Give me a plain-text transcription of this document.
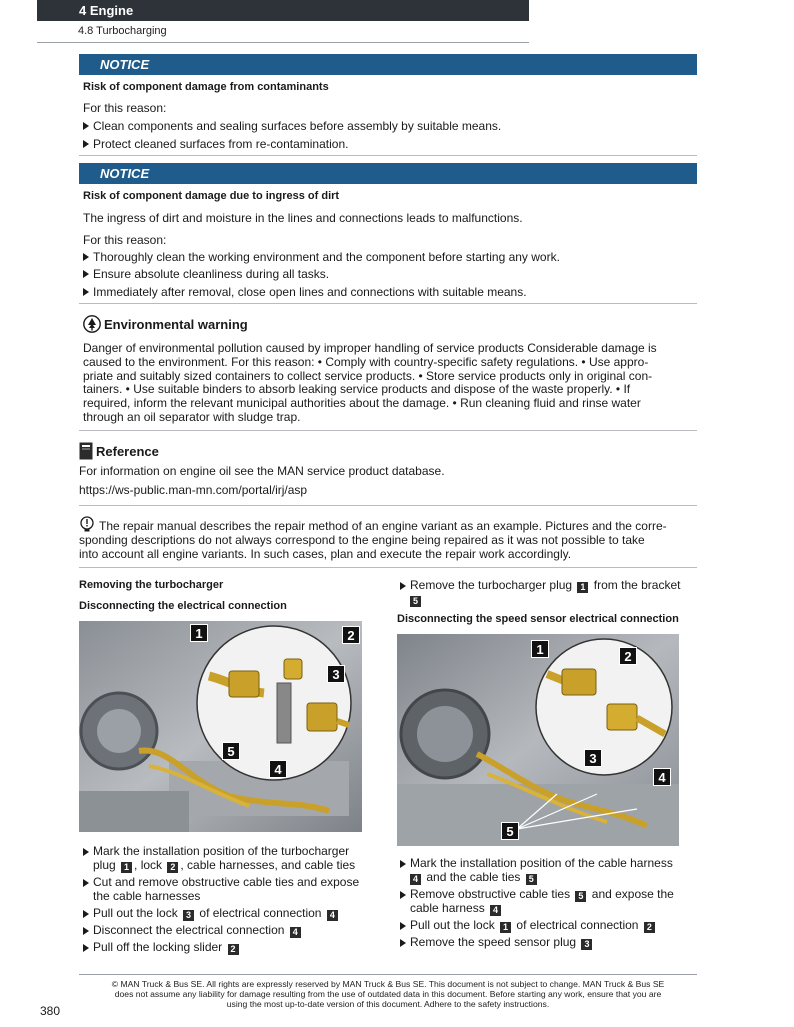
4 Engine
4.8 Turbocharging
NOTICE
Risk of component damage from contaminants
For this reason:
Clean components and sealing surfaces before assembly by suitable means.
Protect cleaned surfaces from re-contamination.
NOTICE
Risk of component damage due to ingress of dirt
The ingress of dirt and moisture in the lines and connections leads to malfunctions.
For this reason:
Thoroughly clean the working environment and the component before starting any work.
Ensure absolute cleanliness during all tasks.
Immediately after removal, close open lines and connections with suitable means.
Environmental warning
Danger of environmental pollution caused by improper handling of service products Considerable damage is
caused to the environment. For this reason: • Comply with country-specific safety regulations. • Use appro-
priate and suitably sized containers to collect service products. • Store service products only in original con-
tainers. • Use suitable binders to absorb leaking service products and dispose of the waste properly. • If
required, inform the relevant municipal authorities about the damage. • Run cleaning fluid and rinse water
through an oil separator with sludge trap.
Reference
For information on engine oil see the MAN service product database.
https://ws-public.man-mn.com/portal/irj/asp
The repair manual describes the repair method of an engine variant as an example. Pictures and the corre-
sponding descriptions do not always correspond to the engine being repaired as it was not possible to take
into account all engine variants. In such cases, plan and execute the repair work accordingly.
Removing the turbocharger
Disconnecting the electrical connection
1	2
3
4
5
Mark the installation position of the turbocharger
plug 1 , lock 2 , cable harnesses, and cable ties
Cut and remove obstructive cable ties and expose
the cable harnesses
Pull out the lock 3 of electrical connection 4
Disconnect the electrical connection 4
Pull off the locking slider 2
Remove the turbocharger plug 1 from the bracket
5
Disconnecting the speed sensor electrical connection
1	2
3
4
5
Mark the installation position of the cable harness
4 and the cable ties 5
Remove obstructive cable ties 5 and expose the
cable harness 4
Pull out the lock 1 of electrical connection 2
Remove the speed sensor plug 3
© MAN Truck & Bus SE. All rights are expressly reserved by MAN Truck & Bus SE. This document is not subject to change. MAN Truck & Bus SE
does not assume any liability for damage resulting from the use of outdated data in this document. Before starting any work, ensure that you are
using the most up-to-date version of this document. Adhere to the safety instructions.
380
